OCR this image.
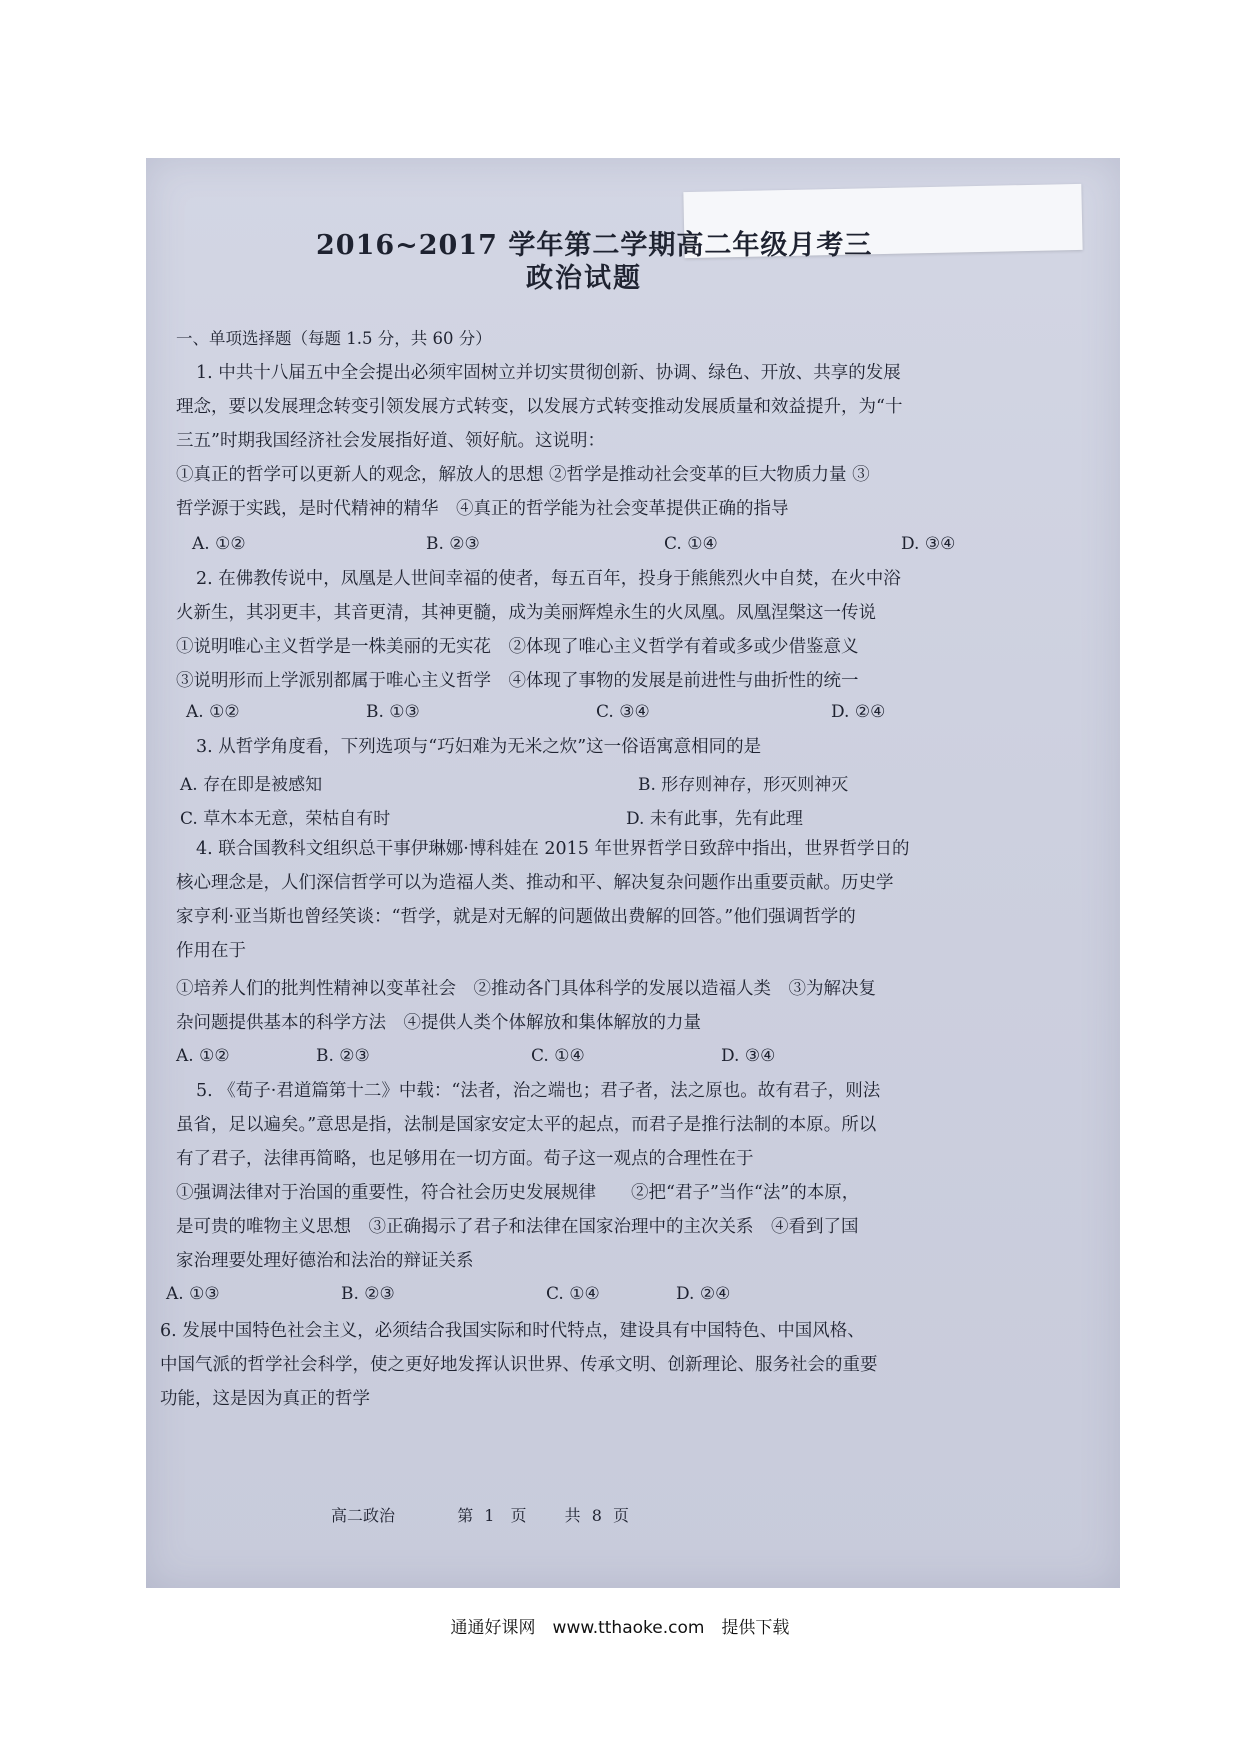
2016~2017 学年第二学期高二年级月考三
政治试题
一、单项选择题（每题 1.5 分，共 60 分）
1. 中共十八届五中全会提出必须牢固树立并切实贯彻创新、协调、绿色、开放、共享的发展
理念，要以发展理念转变引领发展方式转变，以发展方式转变推动发展质量和效益提升，为“十
三五”时期我国经济社会发展指好道、领好航。这说明：
①真正的哲学可以更新人的观念，解放人的思想 ②哲学是推动社会变革的巨大物质力量 ③
哲学源于实践，是时代精神的精华　④真正的哲学能为社会变革提供正确的指导
A. ①②	B. ②③	C. ①④	D. ③④
2. 在佛教传说中，凤凰是人世间幸福的使者，每五百年，投身于熊熊烈火中自焚，在火中浴
火新生，其羽更丰，其音更清，其神更髓，成为美丽辉煌永生的火凤凰。凤凰涅槃这一传说
①说明唯心主义哲学是一株美丽的无实花　②体现了唯心主义哲学有着或多或少借鉴意义
③说明形而上学派别都属于唯心主义哲学　④体现了事物的发展是前进性与曲折性的统一
A. ①②	B. ①③	C. ③④	D. ②④
3. 从哲学角度看，下列选项与“巧妇难为无米之炊”这一俗语寓意相同的是
A. 存在即是被感知	B. 形存则神存，形灭则神灭
C. 草木本无意，荣枯自有时	D. 未有此事，先有此理
4. 联合国教科文组织总干事伊琳娜·博科娃在 2015 年世界哲学日致辞中指出，世界哲学日的
核心理念是，人们深信哲学可以为造福人类、推动和平、解决复杂问题作出重要贡献。历史学
家亨利·亚当斯也曾经笑谈：“哲学，就是对无解的问题做出费解的回答。”他们强调哲学的
作用在于
①培养人们的批判性精神以变革社会　②推动各门具体科学的发展以造福人类　③为解决复
杂问题提供基本的科学方法　④提供人类个体解放和集体解放的力量
A. ①②	B. ②③	C. ①④	D. ③④
5. 《荀子·君道篇第十二》中载：“法者，治之端也；君子者，法之原也。故有君子，则法
虽省，足以遍矣。”意思是指，法制是国家安定太平的起点，而君子是推行法制的本原。所以
有了君子，法律再简略，也足够用在一切方面。荀子这一观点的合理性在于
①强调法律对于治国的重要性，符合社会历史发展规律　　②把“君子”当作“法”的本原，
是可贵的唯物主义思想　③正确揭示了君子和法律在国家治理中的主次关系　④看到了国
家治理要处理好德治和法治的辩证关系
A. ①③	B. ②③	C. ①④	D. ②④
6. 发展中国特色社会主义，必须结合我国实际和时代特点，建设具有中国特色、中国风格、
中国气派的哲学社会科学，使之更好地发挥认识世界、传承文明、创新理论、服务社会的重要
功能，这是因为真正的哲学
高二政治	第 1　页 共 8 页
通通好课网　www.tthaoke.com　提供下载
